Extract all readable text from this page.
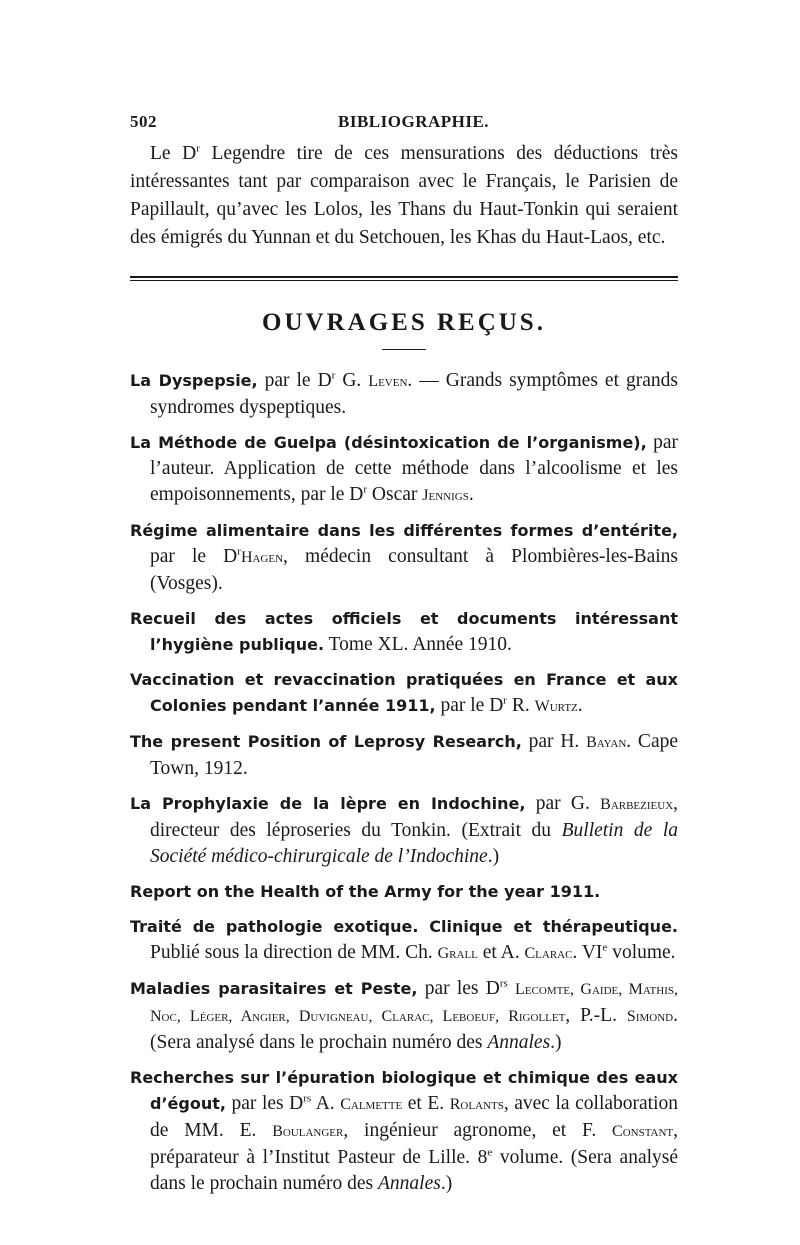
502	BIBLIOGRAPHIE.

Le $D^r$ Legendre tire de ces mensurations des déductions très intéressantes tant par comparaison avec le Français, le Parisien de Papillault, qu’avec les Lolos, les Thans du Haut-Tonkin qui seraient des émigrés du Yunnan et du Setchouen, les Khas du Haut-Laos, etc.

OUVRAGES REÇUS.
La Dyspepsie, par le $D^r$ G. Leven. — Grands symptômes et grands syndromes dyspeptiques.
La Méthode de Guelpa (désintoxication de l’organisme), par l’auteur. Application de cette méthode dans l’alcoolisme et les empoisonnements, par le $D^r$ Oscar Jennigs.
Régime alimentaire dans les différentes formes d’entérite, par le $D^rHagen$, médecin consultant à Plombières-les-Bains (Vosges).
Recueil des actes officiels et documents intéressant l’hygiène publique. Tome XL. Année 1910.
Vaccination et revaccination pratiquées en France et aux Colonies pendant l’année 1911, par le $D^r$ R. Wurtz.
The present Position of Leprosy Research, par H. Bayan. Cape Town, 1912.
La Prophylaxie de la lèpre en Indochine, par G. Barbezieux, directeur des léproseries du Tonkin. (Extrait du Bulletin de la Société médico-chirurgicale de l’Indochine.)
Report on the Health of the Army for the year 1911.
Traité de pathologie exotique. Clinique et thérapeutique. Publié sous la direction de MM. Ch. Grall et A. Clarac. VIe volume.
Maladies parasitaires et Peste, par les $D^{rs}$ Lecomte, Gaide, Mathis, Noc, Léger, Angier, Duvigneau, Clarac, Leboeuf, Rigollet, P.-L. Simond. (Sera analysé dans le prochain numéro des Annales.)
Recherches sur l’épuration biologique et chimique des eaux d’égout, par les $D^{rs}$ A. Calmette et E. Rolants, avec la collaboration de MM. E. Boulanger, ingénieur agronome, et F. Constant, préparateur à l’Institut Pasteur de Lille. 8e volume. (Sera analysé dans le prochain numéro des Annales.)
